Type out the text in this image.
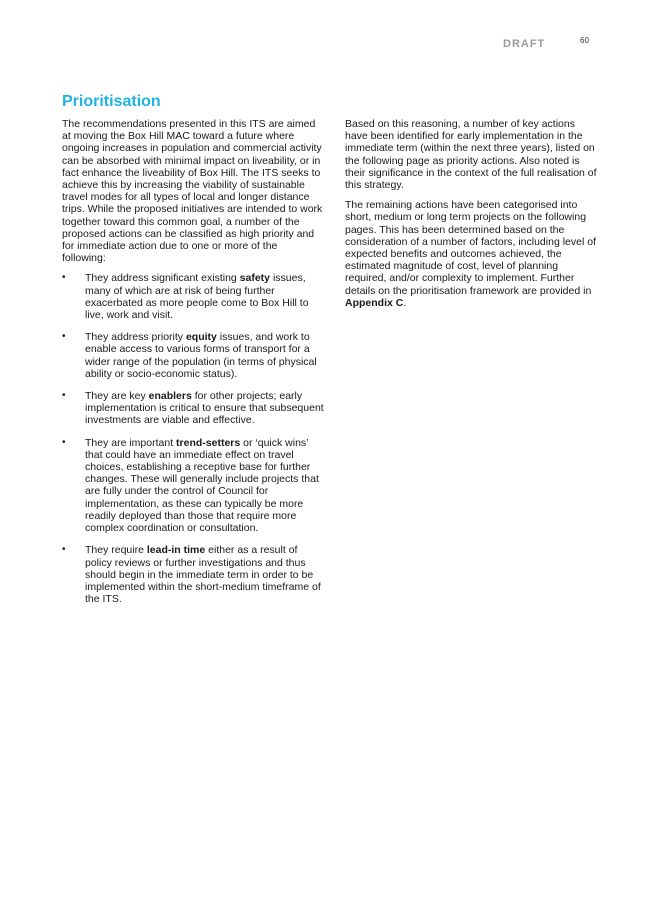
DRAFT	60
Prioritisation

The recommendations presented in this ITS are aimed at moving the Box Hill MAC toward a future where ongoing increases in population and commercial activity can be absorbed with minimal impact on liveability, or in fact enhance the liveability of Box Hill. The ITS seeks to achieve this by increasing the viability of sustainable travel modes for all types of local and longer distance trips. While the proposed initiatives are intended to work together toward this common goal, a number of the proposed actions can be classified as high priority and for immediate action due to one or more of the following:

• They address significant existing safety issues, many of which are at risk of being further exacerbated as more people come to Box Hill to live, work and visit.
• They address priority equity issues, and work to enable access to various forms of transport for a wider range of the population (in terms of physical ability or socio-economic status).
• They are key enablers for other projects; early implementation is critical to ensure that subsequent investments are viable and effective.
• They are important trend-setters or ‘quick wins’ that could have an immediate effect on travel choices, establishing a receptive base for further changes. These will generally include projects that are fully under the control of Council for implementation, as these can typically be more readily deployed than those that require more complex coordination or consultation.
• They require lead-in time either as a result of policy reviews or further investigations and thus should begin in the immediate term in order to be implemented within the short-medium timeframe of the ITS.

Based on this reasoning, a number of key actions have been identified for early implementation in the immediate term (within the next three years), listed on the following page as priority actions. Also noted is their significance in the context of the full realisation of this strategy.

The remaining actions have been categorised into short, medium or long term projects on the following pages. This has been determined based on the consideration of a number of factors, including level of expected benefits and outcomes achieved, the estimated magnitude of cost, level of planning required, and/or complexity to implement. Further details on the prioritisation framework are provided in Appendix C.
